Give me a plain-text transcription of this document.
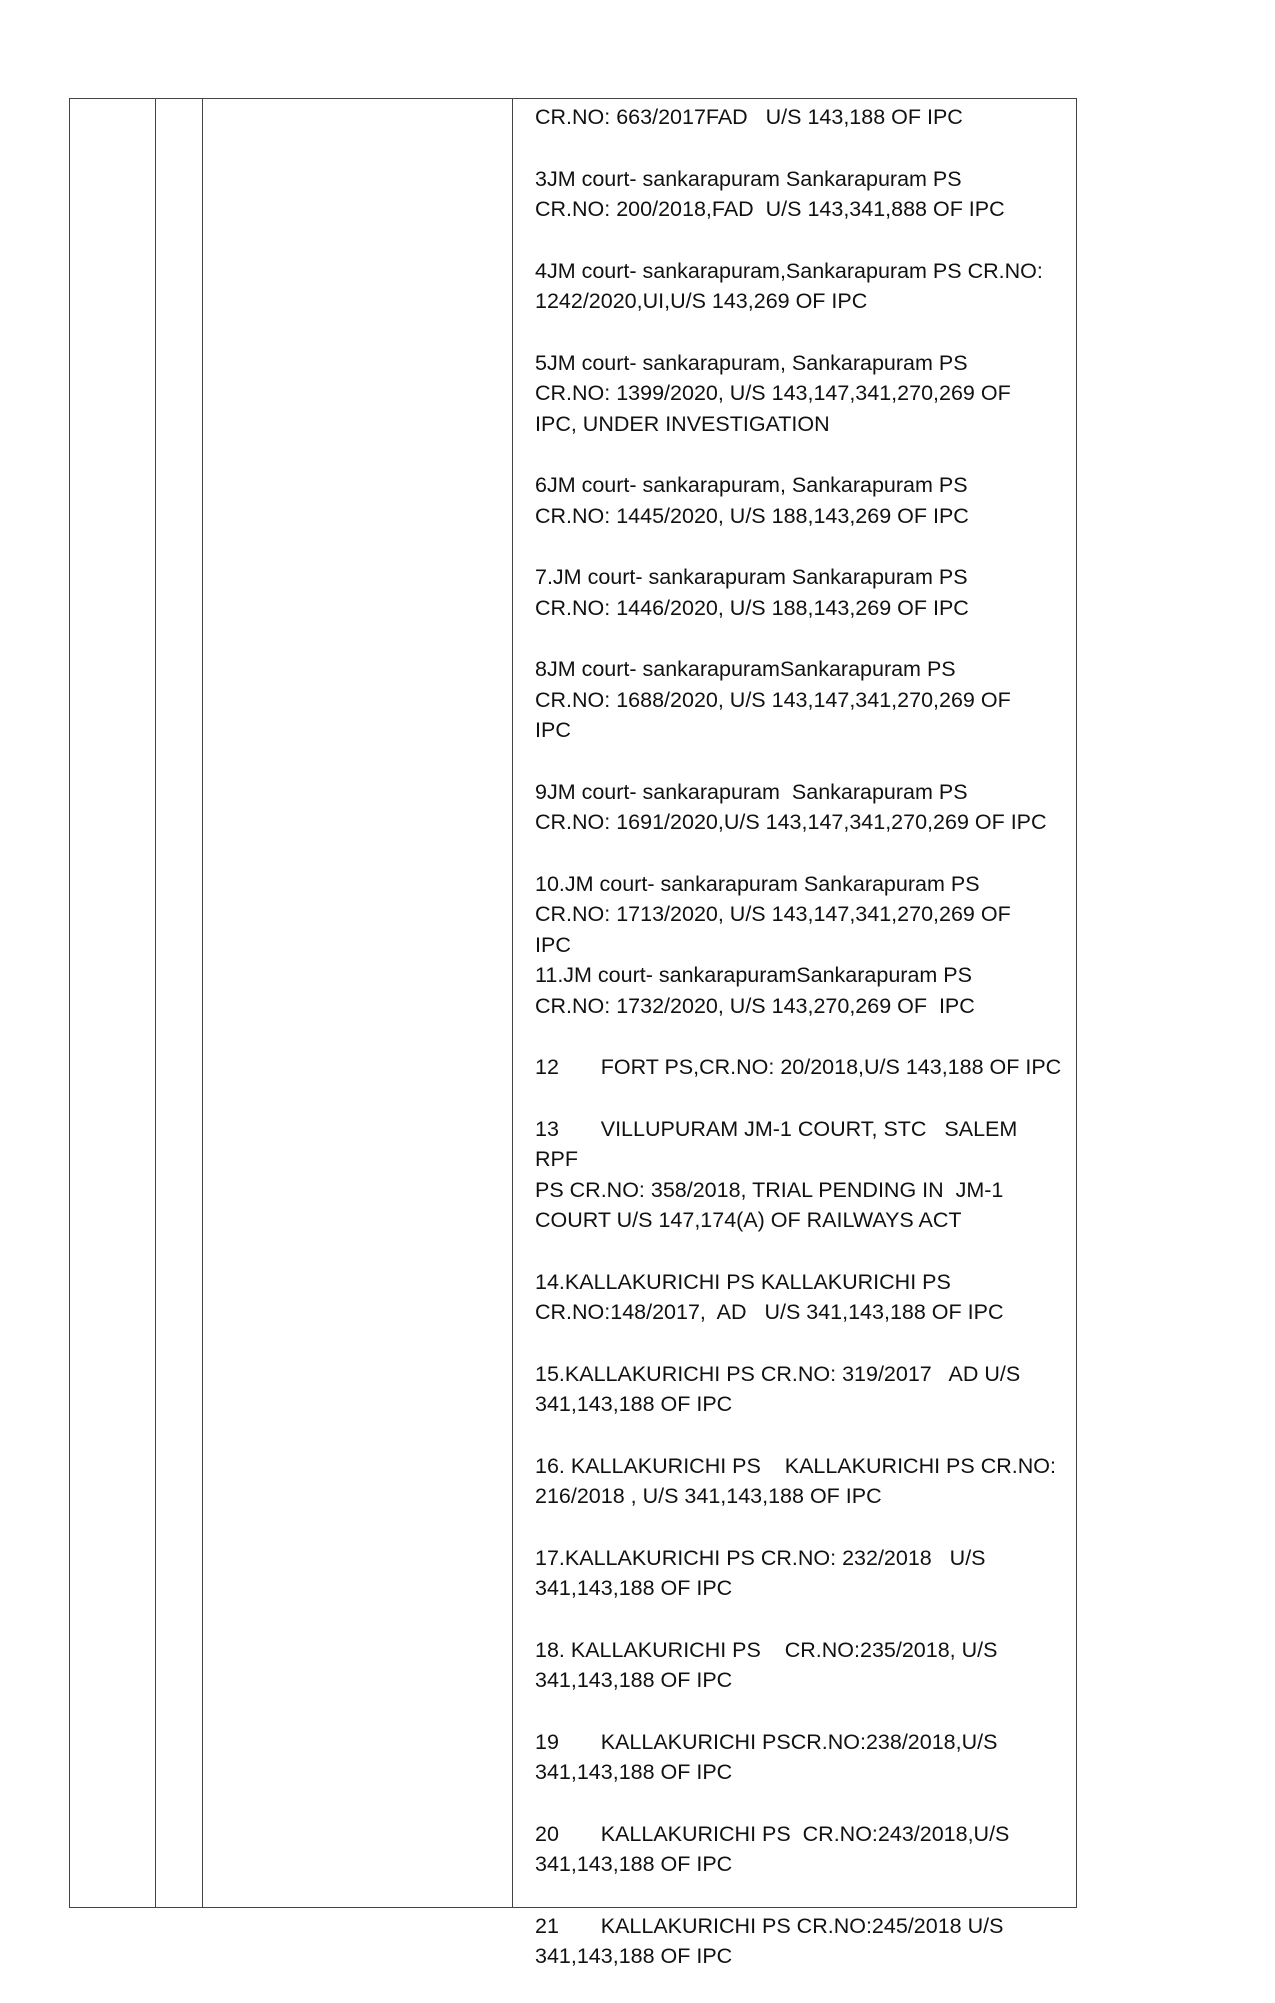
CR.NO: 663/2017FAD   U/S 143,188 OF IPC
3JM court- sankarapuram Sankarapuram PS
CR.NO: 200/2018,FAD  U/S 143,341,888 OF IPC
4JM court- sankarapuram,Sankarapuram PS CR.NO:
1242/2020,UI,U/S 143,269 OF IPC
5JM court- sankarapuram, Sankarapuram PS
CR.NO: 1399/2020, U/S 143,147,341,270,269 OF
IPC, UNDER INVESTIGATION
6JM court- sankarapuram, Sankarapuram PS
CR.NO: 1445/2020, U/S 188,143,269 OF IPC
7.JM court- sankarapuram Sankarapuram PS
CR.NO: 1446/2020, U/S 188,143,269 OF IPC
8JM court- sankarapuramSankarapuram PS
CR.NO: 1688/2020, U/S 143,147,341,270,269 OF
IPC
9JM court- sankarapuram  Sankarapuram PS
CR.NO: 1691/2020,U/S 143,147,341,270,269 OF IPC
10.JM court- sankarapuram Sankarapuram PS
CR.NO: 1713/2020, U/S 143,147,341,270,269 OF
IPC
11.JM court- sankarapuramSankarapuram PS
CR.NO: 1732/2020, U/S 143,270,269 OF  IPC
12       FORT PS,CR.NO: 20/2018,U/S 143,188 OF IPC
13       VILLUPURAM JM-1 COURT, STC   SALEM RPF
PS CR.NO: 358/2018, TRIAL PENDING IN  JM-1
COURT U/S 147,174(A) OF RAILWAYS ACT
14.KALLAKURICHI PS KALLAKURICHI PS
CR.NO:148/2017,  AD   U/S 341,143,188 OF IPC
15.KALLAKURICHI PS CR.NO: 319/2017   AD U/S
341,143,188 OF IPC
16. KALLAKURICHI PS    KALLAKURICHI PS CR.NO:
216/2018 , U/S 341,143,188 OF IPC
17.KALLAKURICHI PS CR.NO: 232/2018   U/S
341,143,188 OF IPC
18. KALLAKURICHI PS    CR.NO:235/2018, U/S
341,143,188 OF IPC
19       KALLAKURICHI PSCR.NO:238/2018,U/S
341,143,188 OF IPC
20       KALLAKURICHI PS  CR.NO:243/2018,U/S
341,143,188 OF IPC
21       KALLAKURICHI PS CR.NO:245/2018 U/S
341,143,188 OF IPC
